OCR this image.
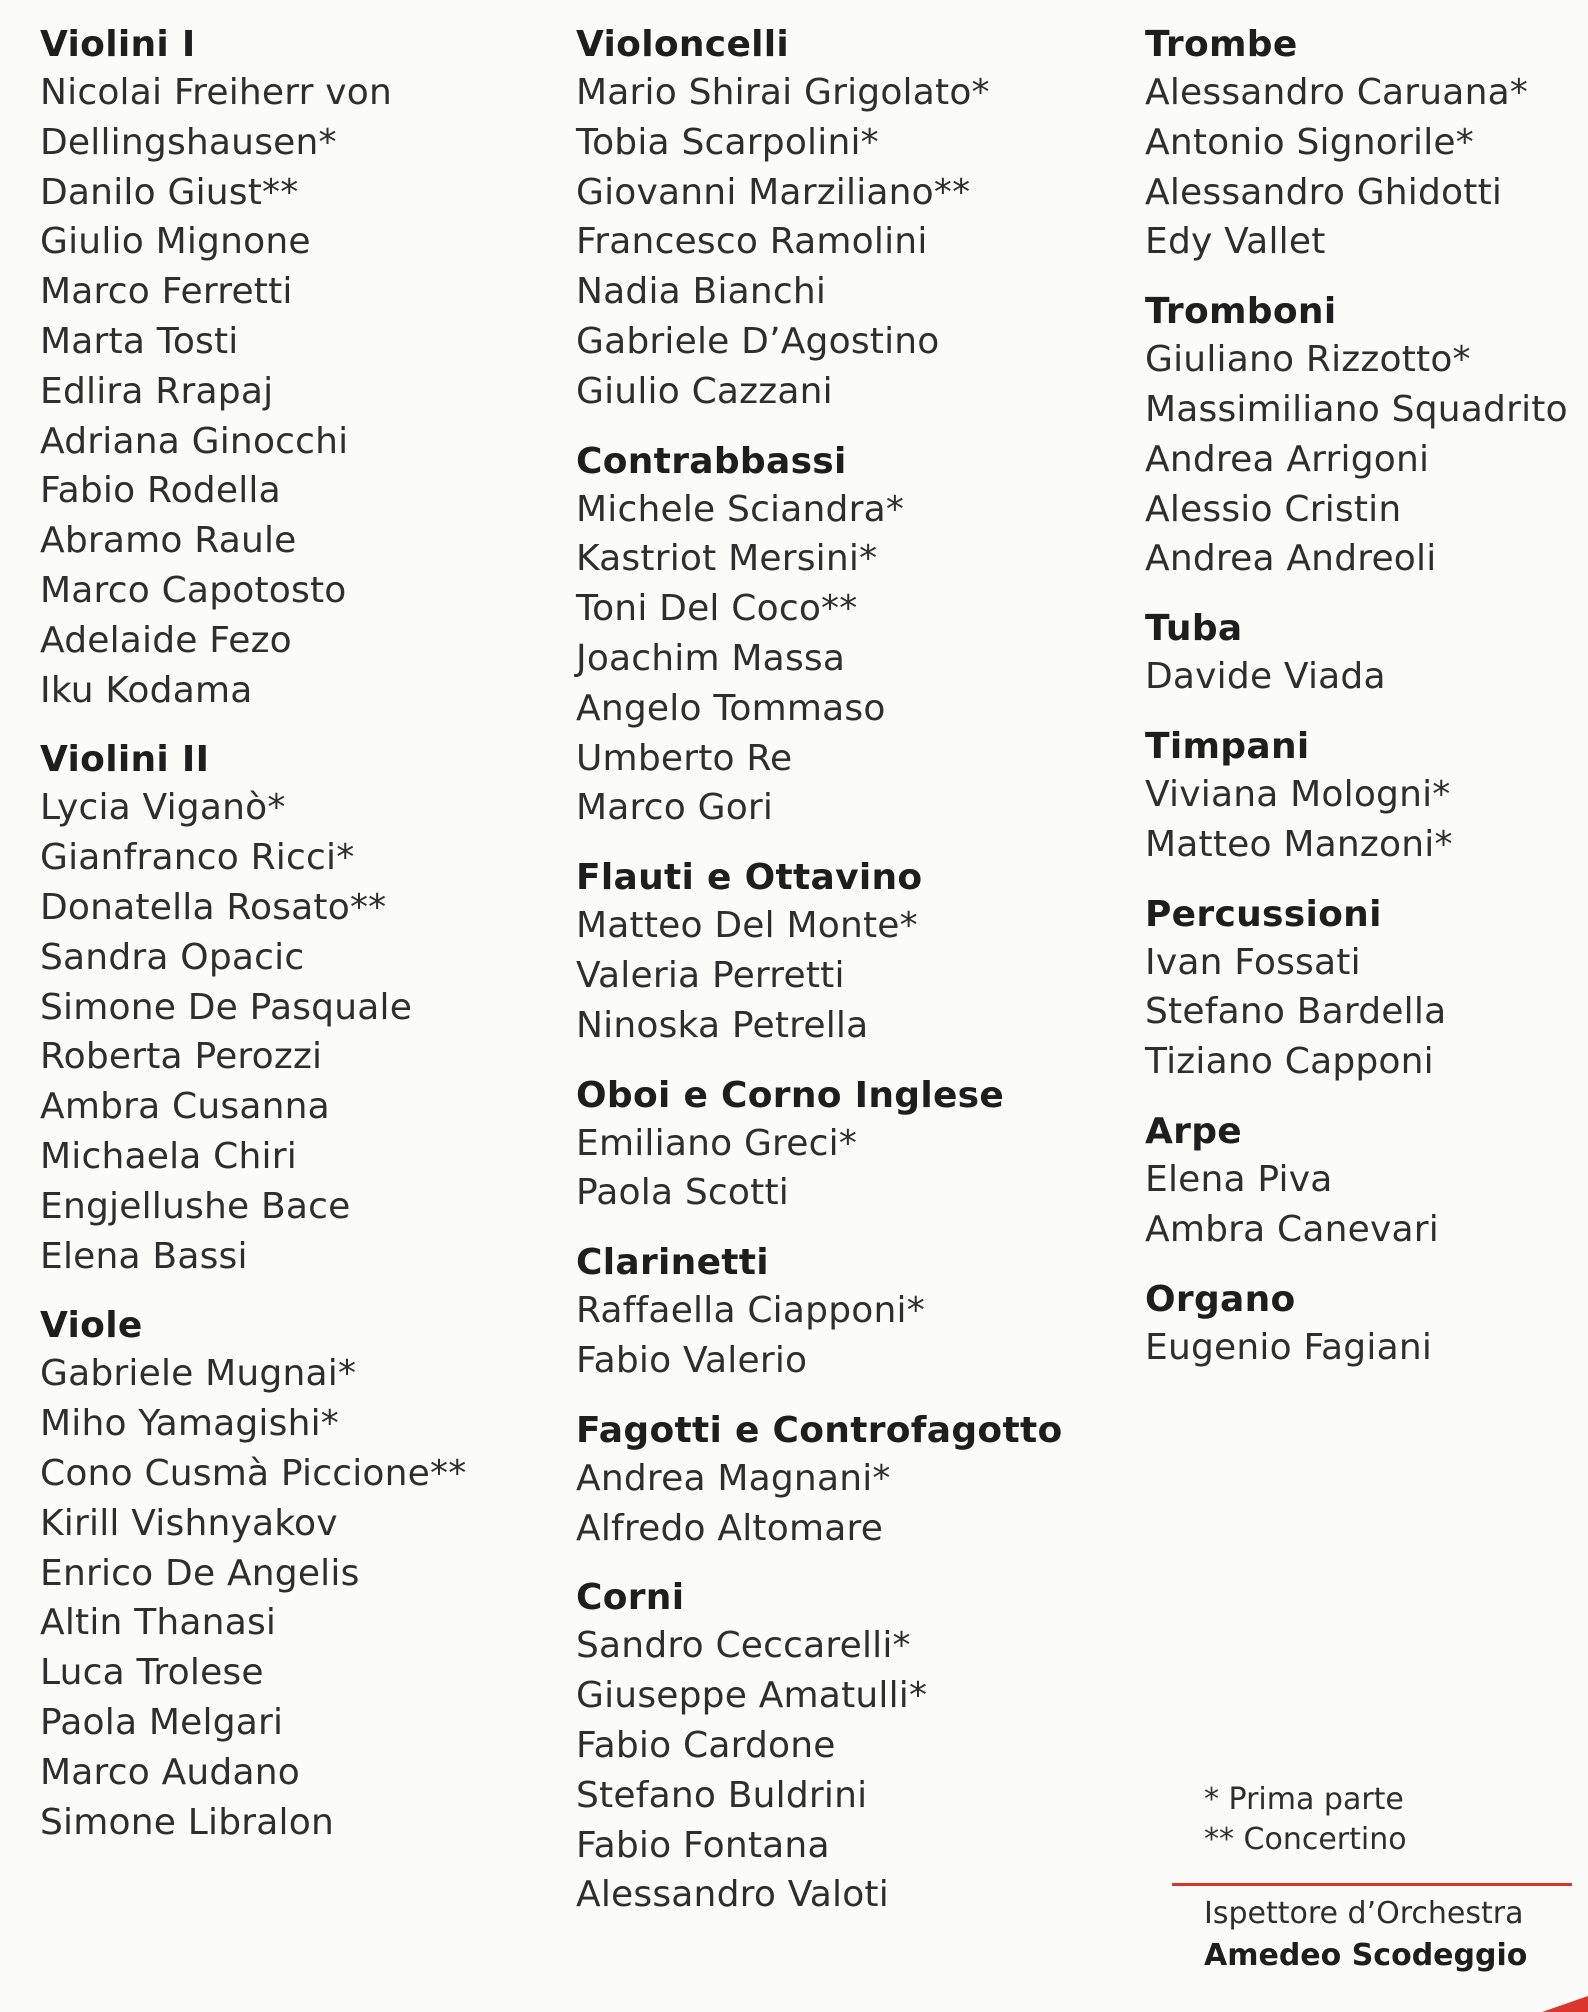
Violini I
Nicolai Freiherr von
Dellingshausen*
Danilo Giust**
Giulio Mignone
Marco Ferretti
Marta Tosti
Edlira Rrapaj
Adriana Ginocchi
Fabio Rodella
Abramo Raule
Marco Capotosto
Adelaide Fezo
Iku Kodama
Violini II
Lycia Viganò*
Gianfranco Ricci*
Donatella Rosato**
Sandra Opacic
Simone De Pasquale
Roberta Perozzi
Ambra Cusanna
Michaela Chiri
Engjellushe Bace
Elena Bassi
Viole
Gabriele Mugnai*
Miho Yamagishi*
Cono Cusmà Piccione**
Kirill Vishnyakov
Enrico De Angelis
Altin Thanasi
Luca Trolese
Paola Melgari
Marco Audano
Simone Libralon
Violoncelli
Mario Shirai Grigolato*
Tobia Scarpolini*
Giovanni Marziliano**
Francesco Ramolini
Nadia Bianchi
Gabriele D’Agostino
Giulio Cazzani
Contrabbassi
Michele Sciandra*
Kastriot Mersini*
Toni Del Coco**
Joachim Massa
Angelo Tommaso
Umberto Re
Marco Gori
Flauti e Ottavino
Matteo Del Monte*
Valeria Perretti
Ninoska Petrella
Oboi e Corno Inglese
Emiliano Greci*
Paola Scotti
Clarinetti
Raffaella Ciapponi*
Fabio Valerio
Fagotti e Controfagotto
Andrea Magnani*
Alfredo Altomare
Corni
Sandro Ceccarelli*
Giuseppe Amatulli*
Fabio Cardone
Stefano Buldrini
Fabio Fontana
Alessandro Valoti
Trombe
Alessandro Caruana*
Antonio Signorile*
Alessandro Ghidotti
Edy Vallet
Tromboni
Giuliano Rizzotto*
Massimiliano Squadrito
Andrea Arrigoni
Alessio Cristin
Andrea Andreoli
Tuba
Davide Viada
Timpani
Viviana Mologni*
Matteo Manzoni*
Percussioni
Ivan Fossati
Stefano Bardella
Tiziano Capponi
Arpe
Elena Piva
Ambra Canevari
Organo
Eugenio Fagiani
* Prima parte
** Concertino
Ispettore d’Orchestra
Amedeo Scodeggio
